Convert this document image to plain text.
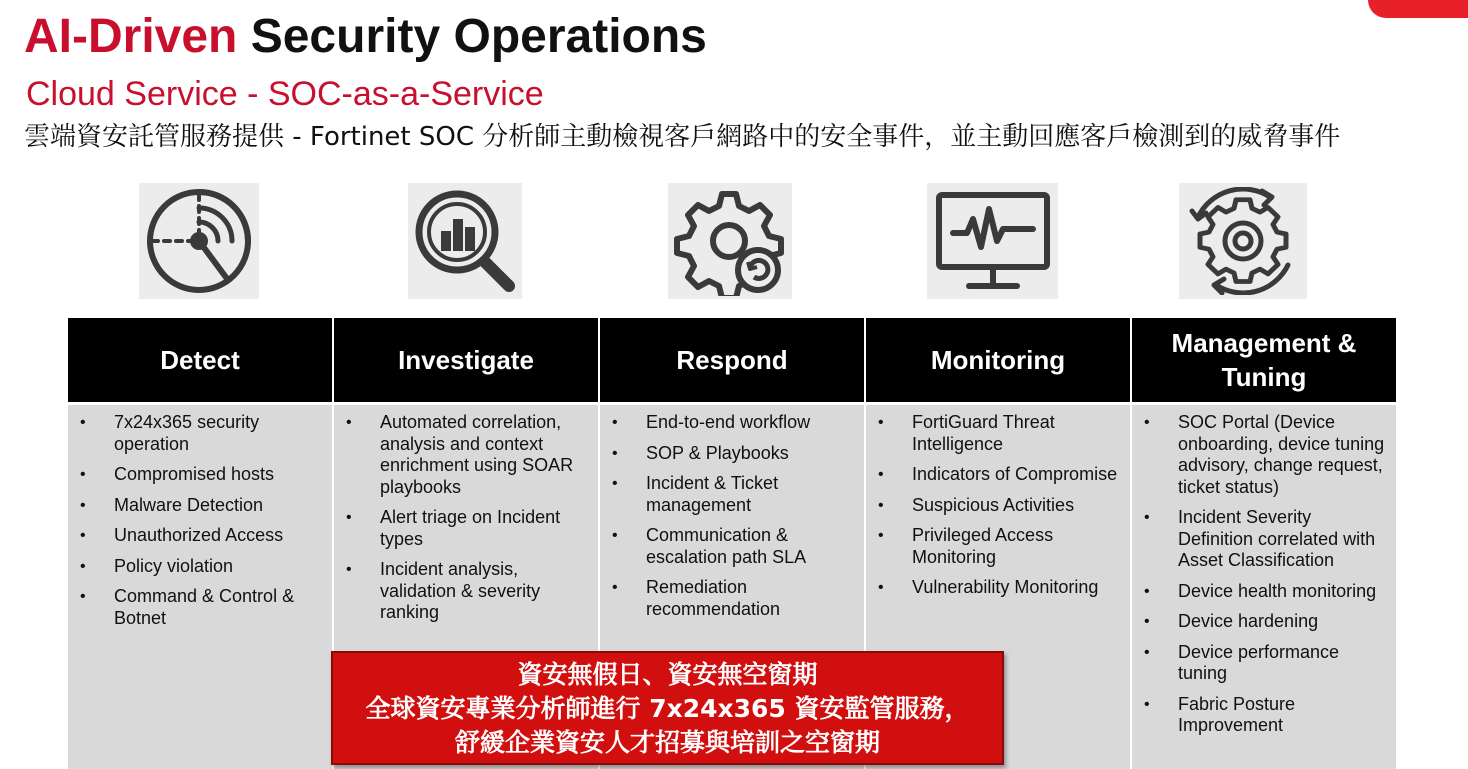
AI-Driven Security Operations
Cloud Service - SOC-as-a-Service
雲端資安託管服務提供 - Fortinet SOC 分析師主動檢視客戶網路中的安全事件，並主動回應客戶檢測到的威脅事件
Detect
• 7x24x365 security operation
• Compromised hosts
• Malware Detection
• Unauthorized Access
• Policy violation
• Command & Control & Botnet
Investigate
• Automated correlation, analysis and context enrichment using SOAR playbooks
• Alert triage on Incident types
• Incident analysis, validation & severity ranking
Respond
• End-to-end workflow
• SOP & Playbooks
• Incident & Ticket management
• Communication & escalation path SLA
• Remediation recommendation
Monitoring
• FortiGuard Threat Intelligence
• Indicators of Compromise
• Suspicious Activities
• Privileged Access Monitoring
• Vulnerability Monitoring
Management & Tuning
• SOC Portal (Device onboarding, device tuning advisory, change request, ticket status)
• Incident Severity Definition correlated with Asset Classification
• Device health monitoring
• Device hardening
• Device performance tuning
• Fabric Posture Improvement
資安無假日、資安無空窗期
全球資安專業分析師進行 7x24x365 資安監管服務，
舒緩企業資安人才招募與培訓之空窗期
